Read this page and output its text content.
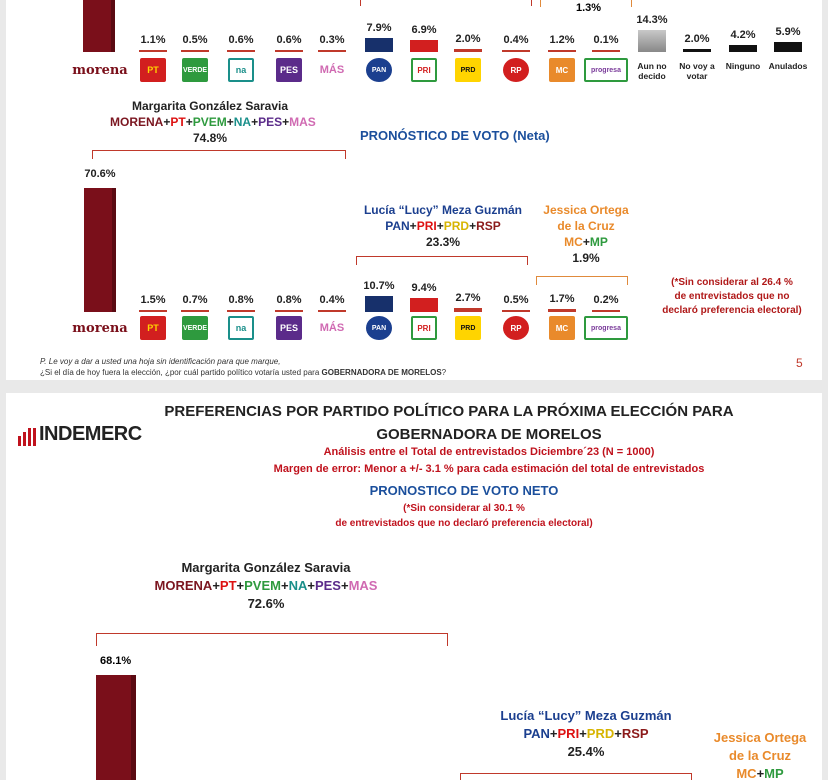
1.3%
morena
1.1%
PT
0.5%
VERDE
0.6%
na
0.6%
PES
0.3%
MÁS
7.9%
PAN
6.9%
PRI
2.0%
PRD
0.4%
RP
1.2%
MC
0.1%
progresa
14.3%
2.0%	4.2%	5.9%
Aun no decido
No voy a votar
Ninguno Anulados
Margarita González Saravia
MORENA+PT+PVEM+NA+PES+MAS
74.8%	PRONÓSTICO DE VOTO (Neta)
Lucía “Lucy” Meza Guzmán
PAN+PRI+PRD+RSP
23.3%
Jessica Ortega
de la Cruz
MC+MP
1.9%
(*Sin considerar al 26.4 %
de entrevistados que no
declaró preferencia electoral)
70.6%
morena
1.5%
PT
0.7%
VERDE
0.8%
na
0.8%
PES
0.4%
MÁS
10.7%
PAN
9.4%
PRI
2.7%
PRD
0.5%
RP
1.7%
MC
0.2%
progresa
P. Le voy a dar a usted una hoja sin identificación para que marque,
¿Si el día de hoy fuera la elección, ¿por cuál partido político votaría usted para GOBERNADORA DE MORELOS?
5
INDEMERC
PREFERENCIAS POR PARTIDO POLÍTICO PARA LA PRÓXIMA ELECCIÓN PARA
GOBERNADORA DE MORELOS
Análisis entre el Total de entrevistados Diciembre´23 (N = 1000)
Margen de error: Menor a +/- 3.1 % para cada estimación del total de entrevistados
PRONOSTICO DE VOTO NETO
(*Sin considerar al 30.1 %
de entrevistados que no declaró preferencia electoral)
Margarita González Saravia
MORENA+PT+PVEM+NA+PES+MAS
72.6%
68.1%
Lucía “Lucy” Meza Guzmán
PAN+PRI+PRD+RSP
25.4%
Jessica Ortega
de la Cruz
MC+MP
